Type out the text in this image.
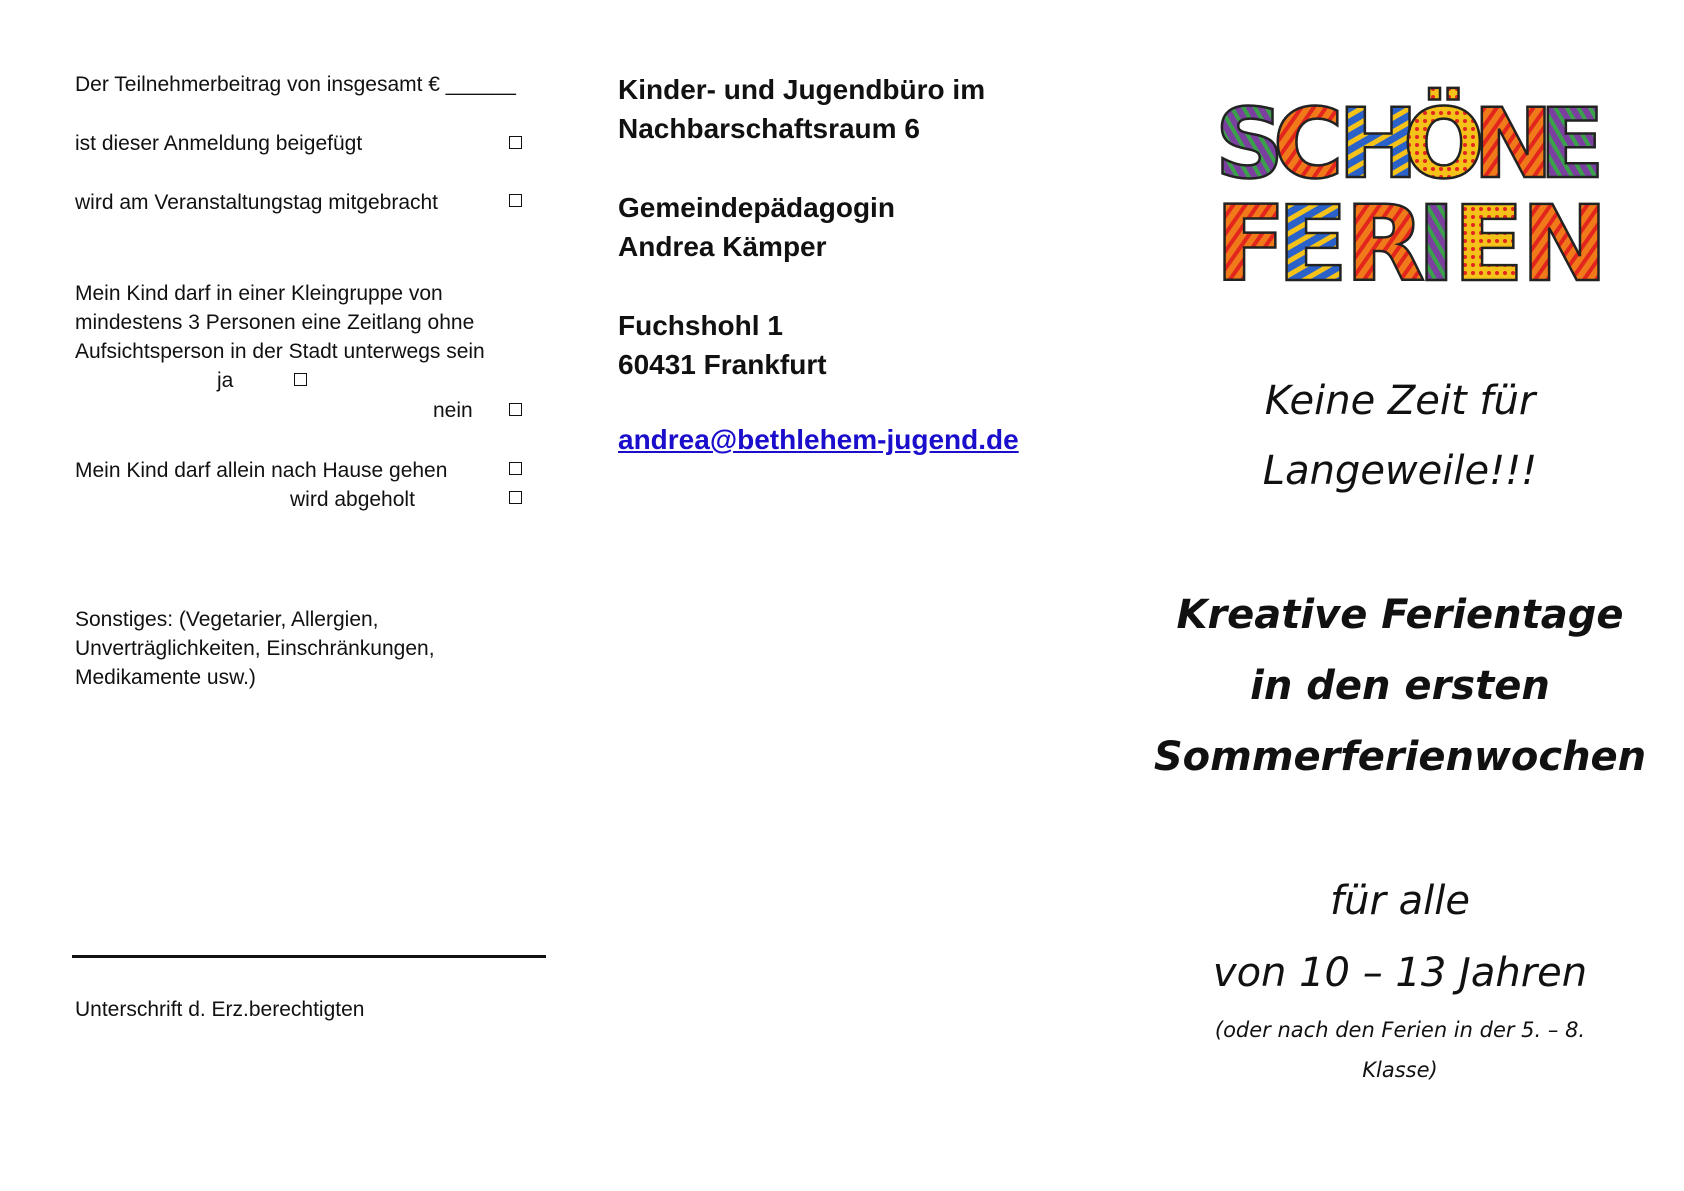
Der Teilnehmerbeitrag von insgesamt € ______
ist dieser Anmeldung beigefügt
wird am Veranstaltungstag mitgebracht
Mein Kind darf in einer Kleingruppe von
mindestens 3 Personen eine Zeitlang ohne
Aufsichtsperson in der Stadt unterwegs sein
ja
nein
Mein Kind darf allein nach Hause gehen
wird abgeholt
Sonstiges: (Vegetarier, Allergien,
Unverträglichkeiten, Einschränkungen,
Medikamente usw.)
Unterschrift d. Erz.berechtigten
Kinder- und Jugendbüro im
Nachbarschaftsraum 6
Gemeindepädagogin
Andrea Kämper
Fuchshohl 1
60431 Frankfurt
andrea@bethlehem-jugend.de
S
C
H
Ö
N
E
F
E
R
I
E
N
Keine Zeit für
Langeweile!!!
Kreative Ferientage
in den ersten
Sommerferienwochen
für alle
von 10 – 13 Jahren
(oder nach den Ferien in der 5. – 8.
Klasse)
